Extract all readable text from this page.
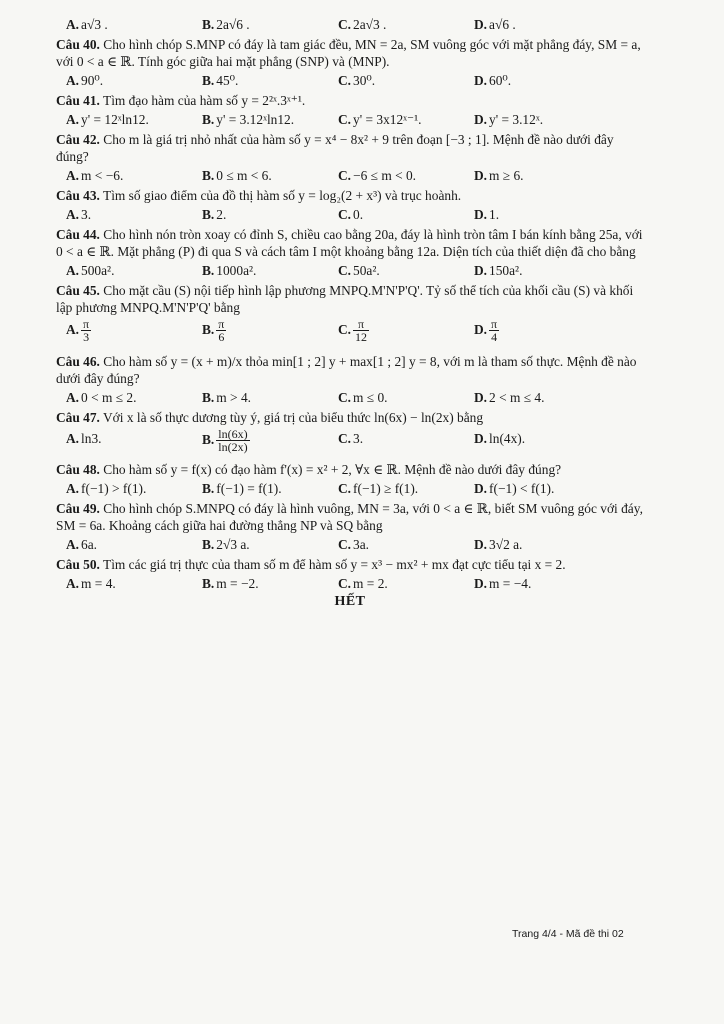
A. a√3 .	B. 2a√6 .	C. 2a√3 .	D. a√6 .
Câu 40. Cho hình chóp S.MNP có đáy là tam giác đều, MN = 2a, SM vuông góc với mặt phẳng đáy, SM = a, với 0 < a ∈ ℝ. Tính góc giữa hai mặt phẳng (SNP) và (MNP).
A. 90⁰.	B. 45⁰.	C. 30⁰.	D. 60⁰.
Câu 41. Tìm đạo hàm của hàm số y = 2²ˣ.3ˣ⁺¹.
A. y' = 12ˣln12.	B. y' = 3.12ˣln12.	C. y' = 3x12ˣ⁻¹.	D. y' = 3.12ˣ.
Câu 42. Cho m là giá trị nhỏ nhất của hàm số y = x⁴ − 8x² + 9 trên đoạn [−3 ; 1]. Mệnh đề nào dưới đây đúng?
A. m < −6.	B. 0 ≤ m < 6.	C. −6 ≤ m < 0.	D. m ≥ 6.
Câu 43. Tìm số giao điểm của đồ thị hàm số y = log₂(2 + x³) và trục hoành.
A. 3.	B. 2.	C. 0.	D. 1.
Câu 44. Cho hình nón tròn xoay có đỉnh S, chiều cao bằng 20a, đáy là hình tròn tâm I bán kính bằng 25a, với 0 < a ∈ ℝ. Mặt phẳng (P) đi qua S và cách tâm I một khoảng bằng 12a. Diện tích của thiết diện đã cho bằng
A. 500a².	B. 1000a².	C. 50a².	D. 150a².
Câu 45. Cho mặt cầu (S) nội tiếp hình lập phương MNPQ.M'N'P'Q'. Tỷ số thể tích của khối cầu (S) và khối lập phương MNPQ.M'N'P'Q' bằng
A. $\frac{\pi}{3}$	B. $\frac{\pi}{6}$	C. $\frac{\pi}{12}$	D. $\frac{\pi}{4}$
Câu 46. Cho hàm số y = (x + m)/x thỏa min[1 ; 2] y + max[1 ; 2] y = 8, với m là tham số thực. Mệnh đề nào dưới đây đúng?
A. 0 < m ≤ 2.	B. m > 4.	C. m ≤ 0.	D. 2 < m ≤ 4.
Câu 47. Với x là số thực dương tùy ý, giá trị của biểu thức ln(6x) − ln(2x) bằng
A. ln3.	B. $\frac{\ln(6x)}{\ln(2x)}$	C. 3.	D. ln(4x).
Câu 48. Cho hàm số y = f(x) có đạo hàm f'(x) = x² + 2, ∀x ∈ ℝ. Mệnh đề nào dưới đây đúng?
A. f(−1) > f(1).	B. f(−1) = f(1).	C. f(−1) ≥ f(1).	D. f(−1) < f(1).
Câu 49. Cho hình chóp S.MNPQ có đáy là hình vuông, MN = 3a, với 0 < a ∈ ℝ, biết SM vuông góc với đáy, SM = 6a. Khoảng cách giữa hai đường thẳng NP và SQ bằng
A. 6a.	B. 2√3 a.	C. 3a.	D. 3√2 a.
Câu 50. Tìm các giá trị thực của tham số m để hàm số y = x³ − mx² + mx đạt cực tiểu tại x = 2.
A. m = 4.	B. m = −2.	C. m = 2.	D. m = −4.
HẾT
Trang 4/4 - Mã đề thi 02
